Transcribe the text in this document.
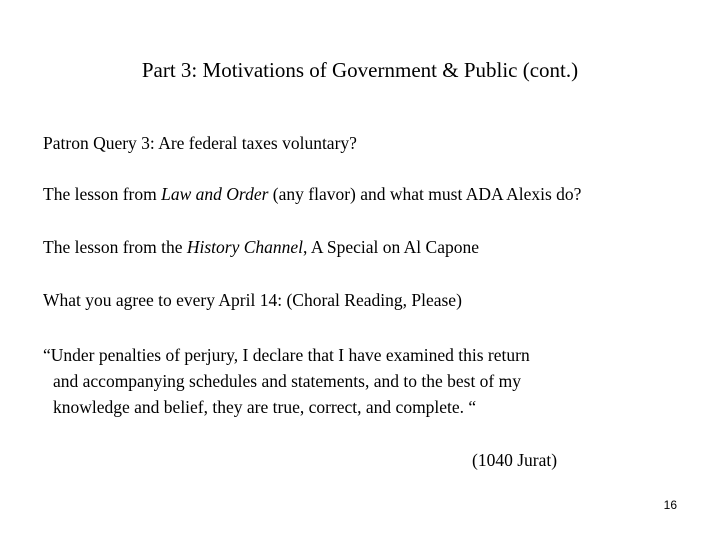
Part 3: Motivations of Government & Public (cont.)
Patron Query 3: Are federal taxes voluntary?
The lesson from Law and Order (any flavor) and what must ADA Alexis do?
The lesson from the History Channel, A Special on Al Capone
What you agree to every April 14: (Choral Reading, Please)
“Under penalties of perjury, I declare that I have examined this return
and accompanying schedules and statements, and to the best of my
knowledge and belief, they are true, correct, and complete. “
(1040 Jurat)
16
